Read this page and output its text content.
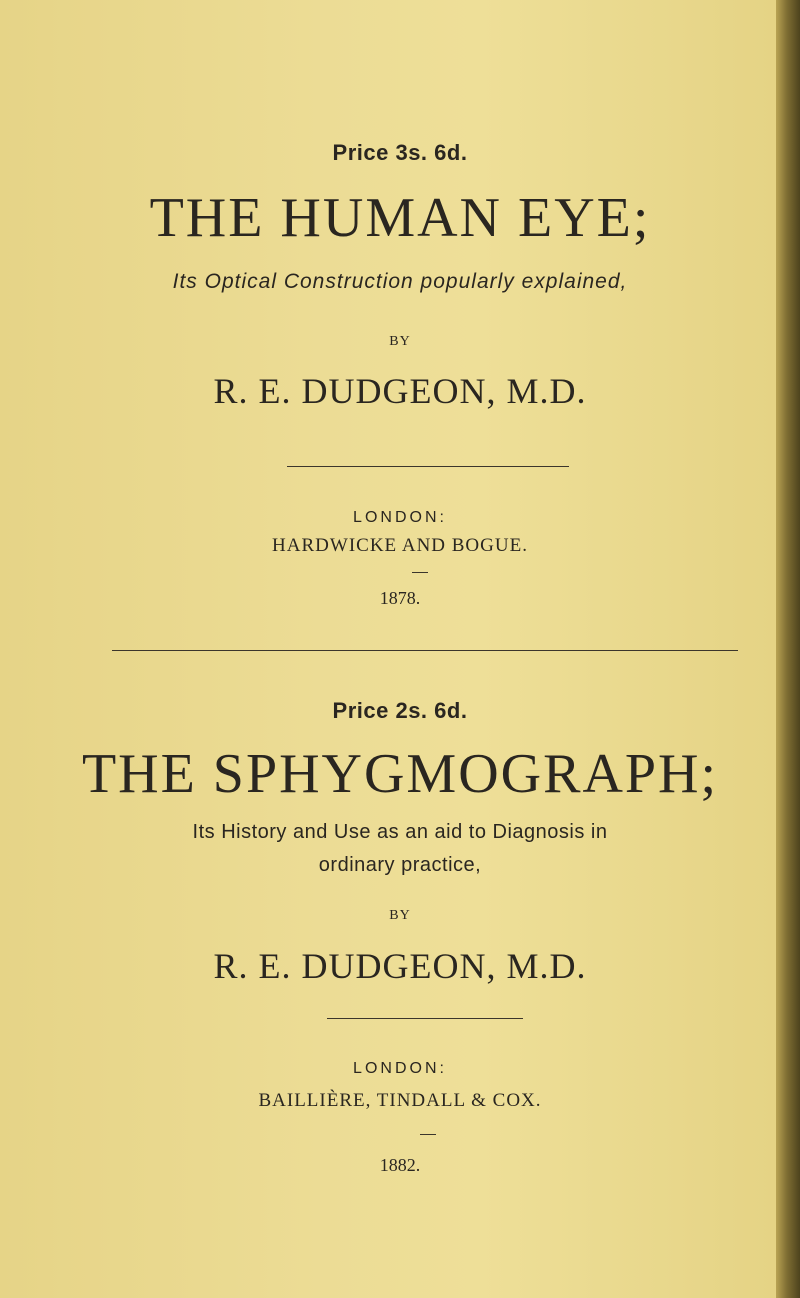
Price 3s. 6d.
THE HUMAN EYE;
Its Optical Construction popularly explained,
BY
R. E. DUDGEON, M.D.
LONDON:
HARDWICKE AND BOGUE.
1878.
Price 2s. 6d.
THE SPHYGMOGRAPH;
Its History and Use as an aid to Diagnosis in
ordinary practice,
BY
R. E. DUDGEON, M.D.
LONDON:
BAILLIÈRE, TINDALL & COX.
1882.
